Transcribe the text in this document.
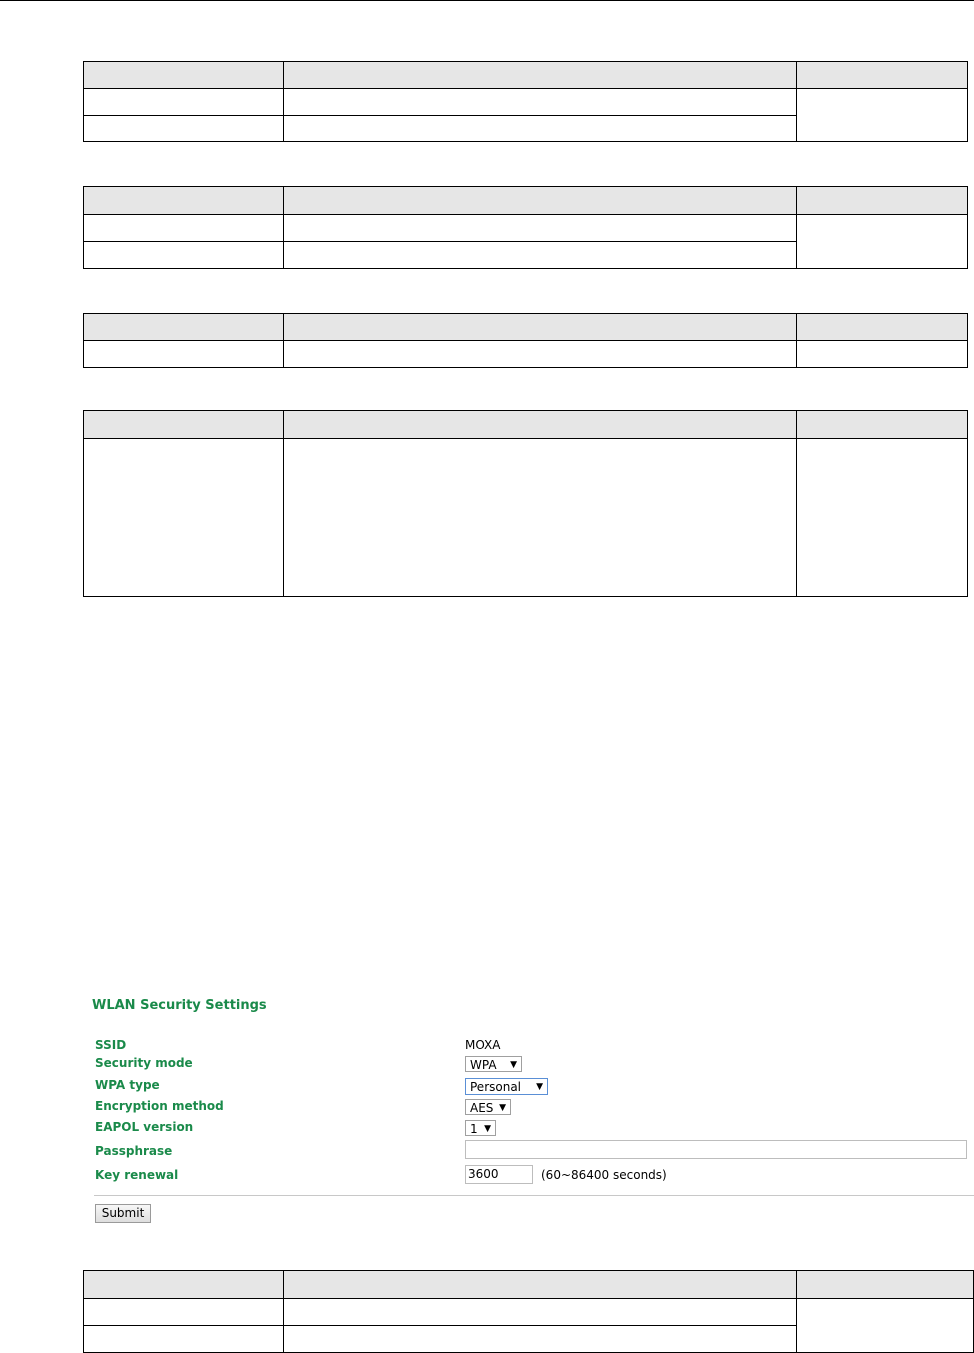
WLAN Security Settings
SSID	MOXA
Security mode	WPA ▼
WPA type	Personal ▼
Encryption method	AES ▼
EAPOL version	1 ▼
Passphrase
Key renewal	3600	(60~86400 seconds)
Submit
